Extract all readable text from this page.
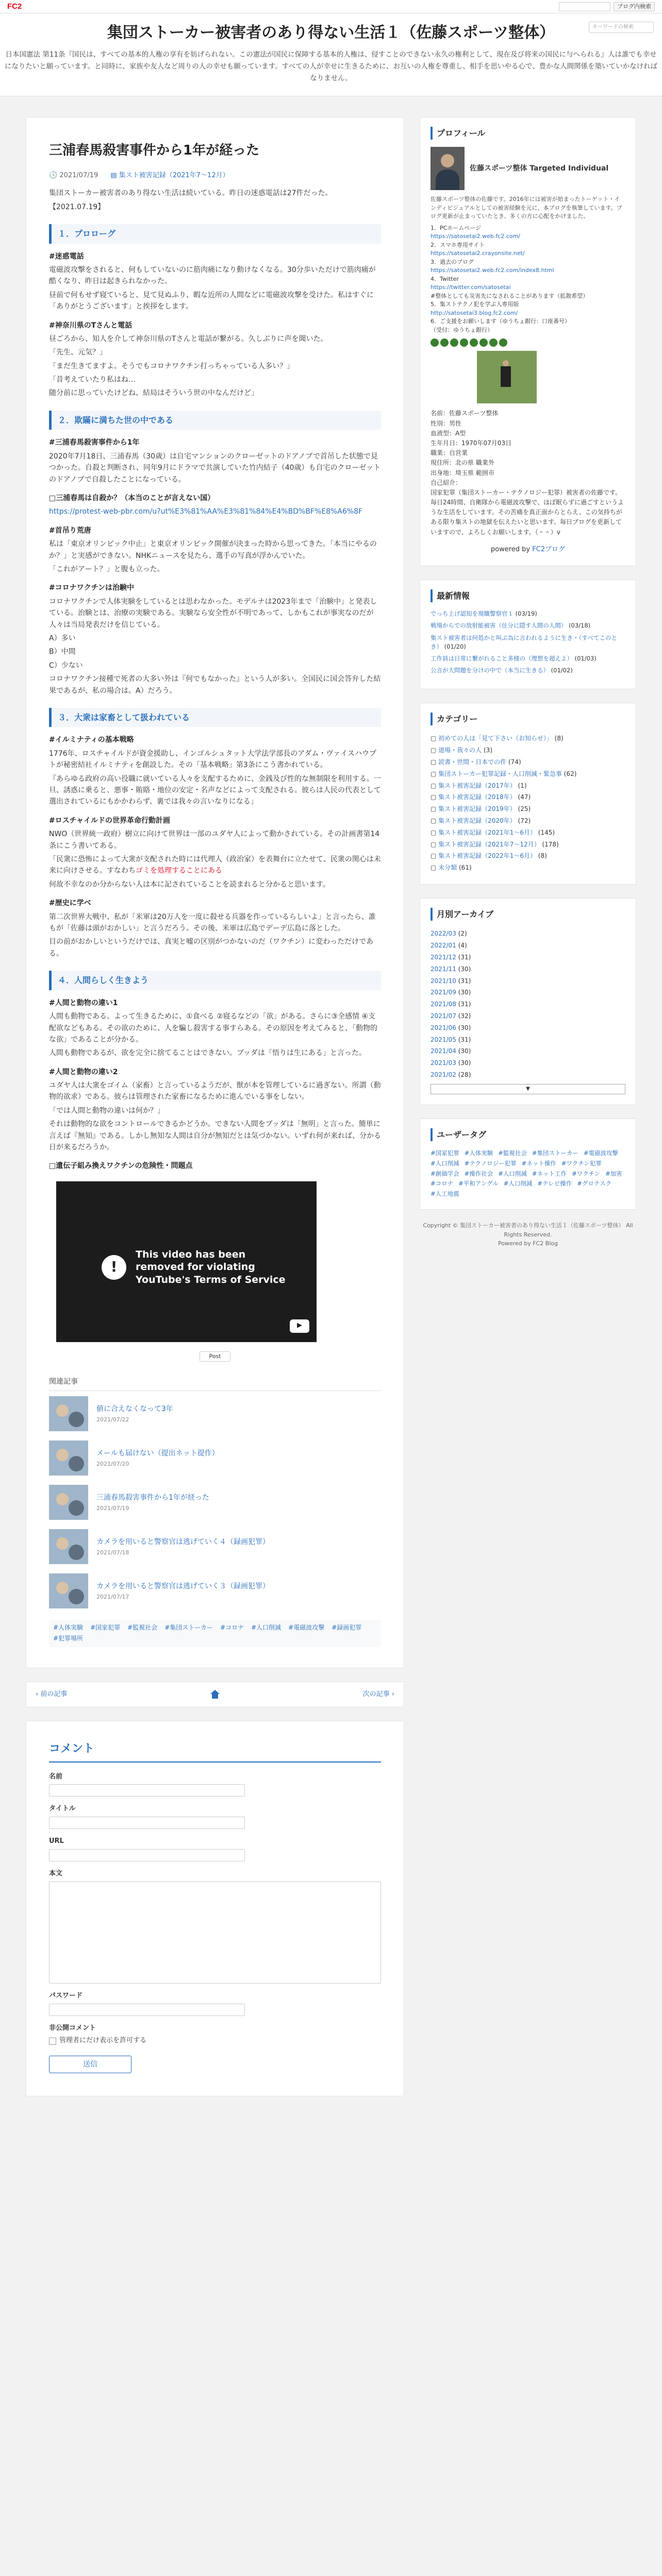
FC2	ブログ内検索
キーワードの検索
集団ストーカー被害者のあり得ない生活１（佐藤スポーツ整体）

日本国憲法 第11条『国民は、すべての基本的人権の享有を妨げられない。この憲法が国民に保障する基本的人権は、侵すことのできない永久の権利として、現在及び将来の国民に与へられる』人は誰でも幸せになりたいと願っています。と同時に、家族や友人など周りの人の幸せも願っています。すべての人が幸せに生きるために、お互いの人権を尊重し、相手を思いやる心で、豊かな人間関係を築いていかなければなりません。

三浦春馬殺害事件から1年が経った
🕓 2021/07/19 ▤ 集スト被害記録（2021年7〜12月）

集団ストーカー被害者のあり得ない生活は続いている。昨日の迷惑電話は27件だった。

【2021.07.19】

１．プロローグ

#迷惑電話

電磁波攻撃をされると、何もしていないのに筋肉痛になり動けなくなる。30分歩いただけで筋肉痛が酷くなり、昨日は起きられなかった。

昼前で何もせず寝ていると、見て見ぬふり、暇な近所の人間などに電磁波攻撃を受けた。私はすぐに「ありがとうございます」と挨拶をします。

#神奈川県のTさんと電話

昼ごろから、知人を介して神奈川県のTさんと電話が繋がる。久しぶりに声を聞いた。

「先生、元気？」

「まだ生きてますよ。そうでもコロナワクチン打っちゃっている人多い？」

「昔考えていたり私はね…

随分前に思っていたけどね、結局はそういう世の中なんだけど」

２．欺瞞に満ちた世の中である

#三浦春馬殺害事件から1年

2020年7月18日、三浦春馬（30歳）は自宅マンションのクローゼットのドアノブで首吊した状態で見つかった。自殺と判断され、同年9月にドラマで共演していた竹内結子（40歳）も自宅のクローゼットのドアノブで自殺したことになっている。

□三浦春馬は自殺か？（本当のことが言えない国）

https://protest-web-pbr.com/u?ut%E3%81%AA%E3%81%84%E4%BD%BF%E8%A6%8F

#首吊り荒唐

私は「東京オリンピック中止」と東京オリンピック開催が決まった時から思ってきた。「本当にやるのか？」と実感ができない。NHKニュースを見たら、選手の写真が浮かんでいた。

「これがアート？」と腹も立った。

#コロナワクチンは治験中

コロナワクチンで人体実験をしているとは思わなかった。モデルナは2023年まで「治験中」と発表している。治験とは、治療の実験である。実験なら安全性が不明であって、しかもこれが事実なのだが人々は当局発表だけを信じている。

A）多い

B）中間

C）少ない

コロナワクチン接種で死者の大多い外は『何でもなかった』という人が多い。全国民に国会答弁した結果であるが、私の場合は。A）だろう。

３．大衆は家畜として扱われている

#イルミナティの基本戦略

1776年、ロスチャイルドが資金援助し、インゴルシュタット大学法学部長のアダム・ヴァイスハウプトが秘密結社イルミナティを創設した。その「基本戦略」第3条にこう書かれている。

『あらゆる政府の高い役職に就いている人々を支配するために、金銭及び性的な無制限を利用する。一旦、誘惑に乗ると、悪事・賄賂・地位の安定・名声などによって支配される。彼らは人民の代表として選出されているにもかかわらず、裏では我々の言いなりになる」

#ロスチャイルドの世界革命行動計画

NWO（世界統一政府）樹立に向けて世界は一部のユダヤ人によって動かされている。その計画書第14条にこう書いてある。

「民衆に恐怖によって大衆が支配された時には代理人（政治家）を表舞台に立たせて、民衆の関心は未来に向けさせる。すなわちゴミを処理することにある

何故不幸なのか分からない人は本に記されていることを読まれると分かると思います。

#歴史に学べ

第二次世界大戦中、私が「米軍は20万人を一度に殺せる兵器を作っているらしいよ」と言ったら、誰もが「佐藤は頭がおかしい」と言うだろう。その後、米軍は広島でデーデ広島に落とした。

目の前がおかしいというだけでは、真実と嘘の区別がつかないのだ（ワクチン）に変わっただけである。

４．人間らしく生きよう

#人間と動物の違い1

人間も動物である。よって生きるために、①食べる ②寝るなどの「欲」がある。さらに③全感情 ④支配欲などもある。その欲のために、人を騙し殺害する事すらある。その原因を考えてみると、「動物的な欲」であることが分かる。

人間も動物であるが、欲を完全に捨てることはできない。ブッダは「悟りは生にある」と言った。

#人間と動物の違い2

ユダヤ人は大衆をゴイム（家畜）と言っているようだが、獣が本を管理しているに過ぎない。所謂（動物的欲求）である。彼らは管理された家畜になるために進んでいる事をしない。

「では人間と動物の違いは何か？」

それは動物的な欲をコントロールできるかどうか。できない人間をブッダは「無明」と言った。簡単に言えば『無知』である。しかし無知な人間は自分が無知だとは気づかない。いずれ何が来れば、分かる日が来るだろうか。

□遺伝子組み換えワクチンの危険性・問題点

!
This video has been removed for violating YouTube's Terms of Service
▶
Post
関連記事
値に合えなくなって3年
2021/07/22
メールも届けない（提出ネット提作）
2021/07/20
三浦春馬殺害事件から1年が経った
2021/07/19
カメラを用いると警察官は逃げていく４（録画犯罪）
2021/07/18
カメラを用いると警察官は逃げていく３（録画犯罪）
2021/07/17
#人体実験 #国家犯罪 #監視社会 #集団ストーカー #コロナ #人口削減 #電磁波攻撃 #録画犯罪
#犯罪場所
‹ 前の記事	次の記事 ›
コメント
名前
タイトル
URL
本文
パスワード
非公開コメント
管理者にだけ表示を許可する
送信
プロフィール
佐藤スポーツ整体 Targeted Individual
佐藤スポーツ整体の佐藤です。2016年には被害が始まったトーゲット・インディビジュアルとしての被害経験を元に、本ブログを執筆しています。ブログ更新が止まっていたとき、多くの方に心配をかけました。
1．PCホームページ
https://satosetai2.web.fc2.com/
2．スマホ専用サイト
https://satosetai2.crayonsite.net/
3．過去のブログ
https://satosetai2.web.fc2.com/index8.html
4．Twitter
https://twitter.com/satosetai
#整体としても災害先になされることがあります（拡散希望）
5．集ストテクノ犯を学ぶ人専用版
http://satosetai3.blog.fc2.com/
6．ご支援をお願いします（ゆうちょ銀行：口座番号）
（受付：ゆうちょ銀行）
名前：佐藤スポーツ整体
性別：男性
血液型：A型
生年月日：1970年07月03日
職業：自営業
現住所：北の県 職業外
出身地：埼玉県 範囲市
自己紹介：
国家犯罪（集団ストーカー・テクノロジー犯罪）被害者の佐藤です。毎日24時間、自衛隊から電磁波攻撃で、ほぼ眠らずに過ごすというような生活をしています。その苦痛を真正面からとらえ、この気持ちがある限り集ストの地獄を伝えたいと思います。毎日ブログを更新していますので、よろしくお願いします。（＾＾）v
powered by FC2ブログ
最新情報
でっち上げ認知を現職警察官１ (03/19)
戦場からでの放射能被害（住分に隠す人間の人間） (03/18)
集スト被害者は何処かと叫ぶ為に言われるように生き・（すべてこのとき） (01/20)
工作員は日常に繋がれること多様の（理想を超えよ） (01/03)
公言が大問題を分けの中で（本当に生きる） (01/02)
カテゴリー
▢ 初めての人は「見て下さい（お知らせ）」 (8)
▢ 道場・我々の人 (3)
▢ 読書・世間・日本での件 (74)
▢ 集団ストーカー犯罪記録・人口削減・緊急事 (62)
▢ 集スト被害記録（2017年） (1)
▢ 集スト被害記録（2018年） (47)
▢ 集スト被害記録（2019年） (25)
▢ 集スト被害記録（2020年） (72)
▢ 集スト被害記録（2021年1〜6月） (145)
▢ 集スト被害記録（2021年7〜12月） (178)
▢ 集スト被害記録（2022年1〜6月） (8)
▢ 未分類 (61)
月別アーカイブ
2022/03 (2)
2022/01 (4)
2021/12 (31)
2021/11 (30)
2021/10 (31)
2021/09 (30)
2021/08 (31)
2021/07 (32)
2021/06 (30)
2021/05 (31)
2021/04 (30)
2021/03 (30)
2021/02 (28)
▼
ユーザータグ
#国家犯罪 #人体実験 #監視社会 #集団ストーカー #電磁波攻撃
#人口削減 #テクノロジー犯罪 #ネット操作 #ワクチン犯罪
#創価学会 #操作社会 #人口削減 #ネット工作 #ワクチン #加害
#コロナ #平和アングル #人口削減 #テレビ操作 #グロテスク
#人工地震
Copyright © 集団ストーカー被害者のあり得ない生活１（佐藤スポーツ整体） All Rights Reserved.
Powered by FC2 Blog
